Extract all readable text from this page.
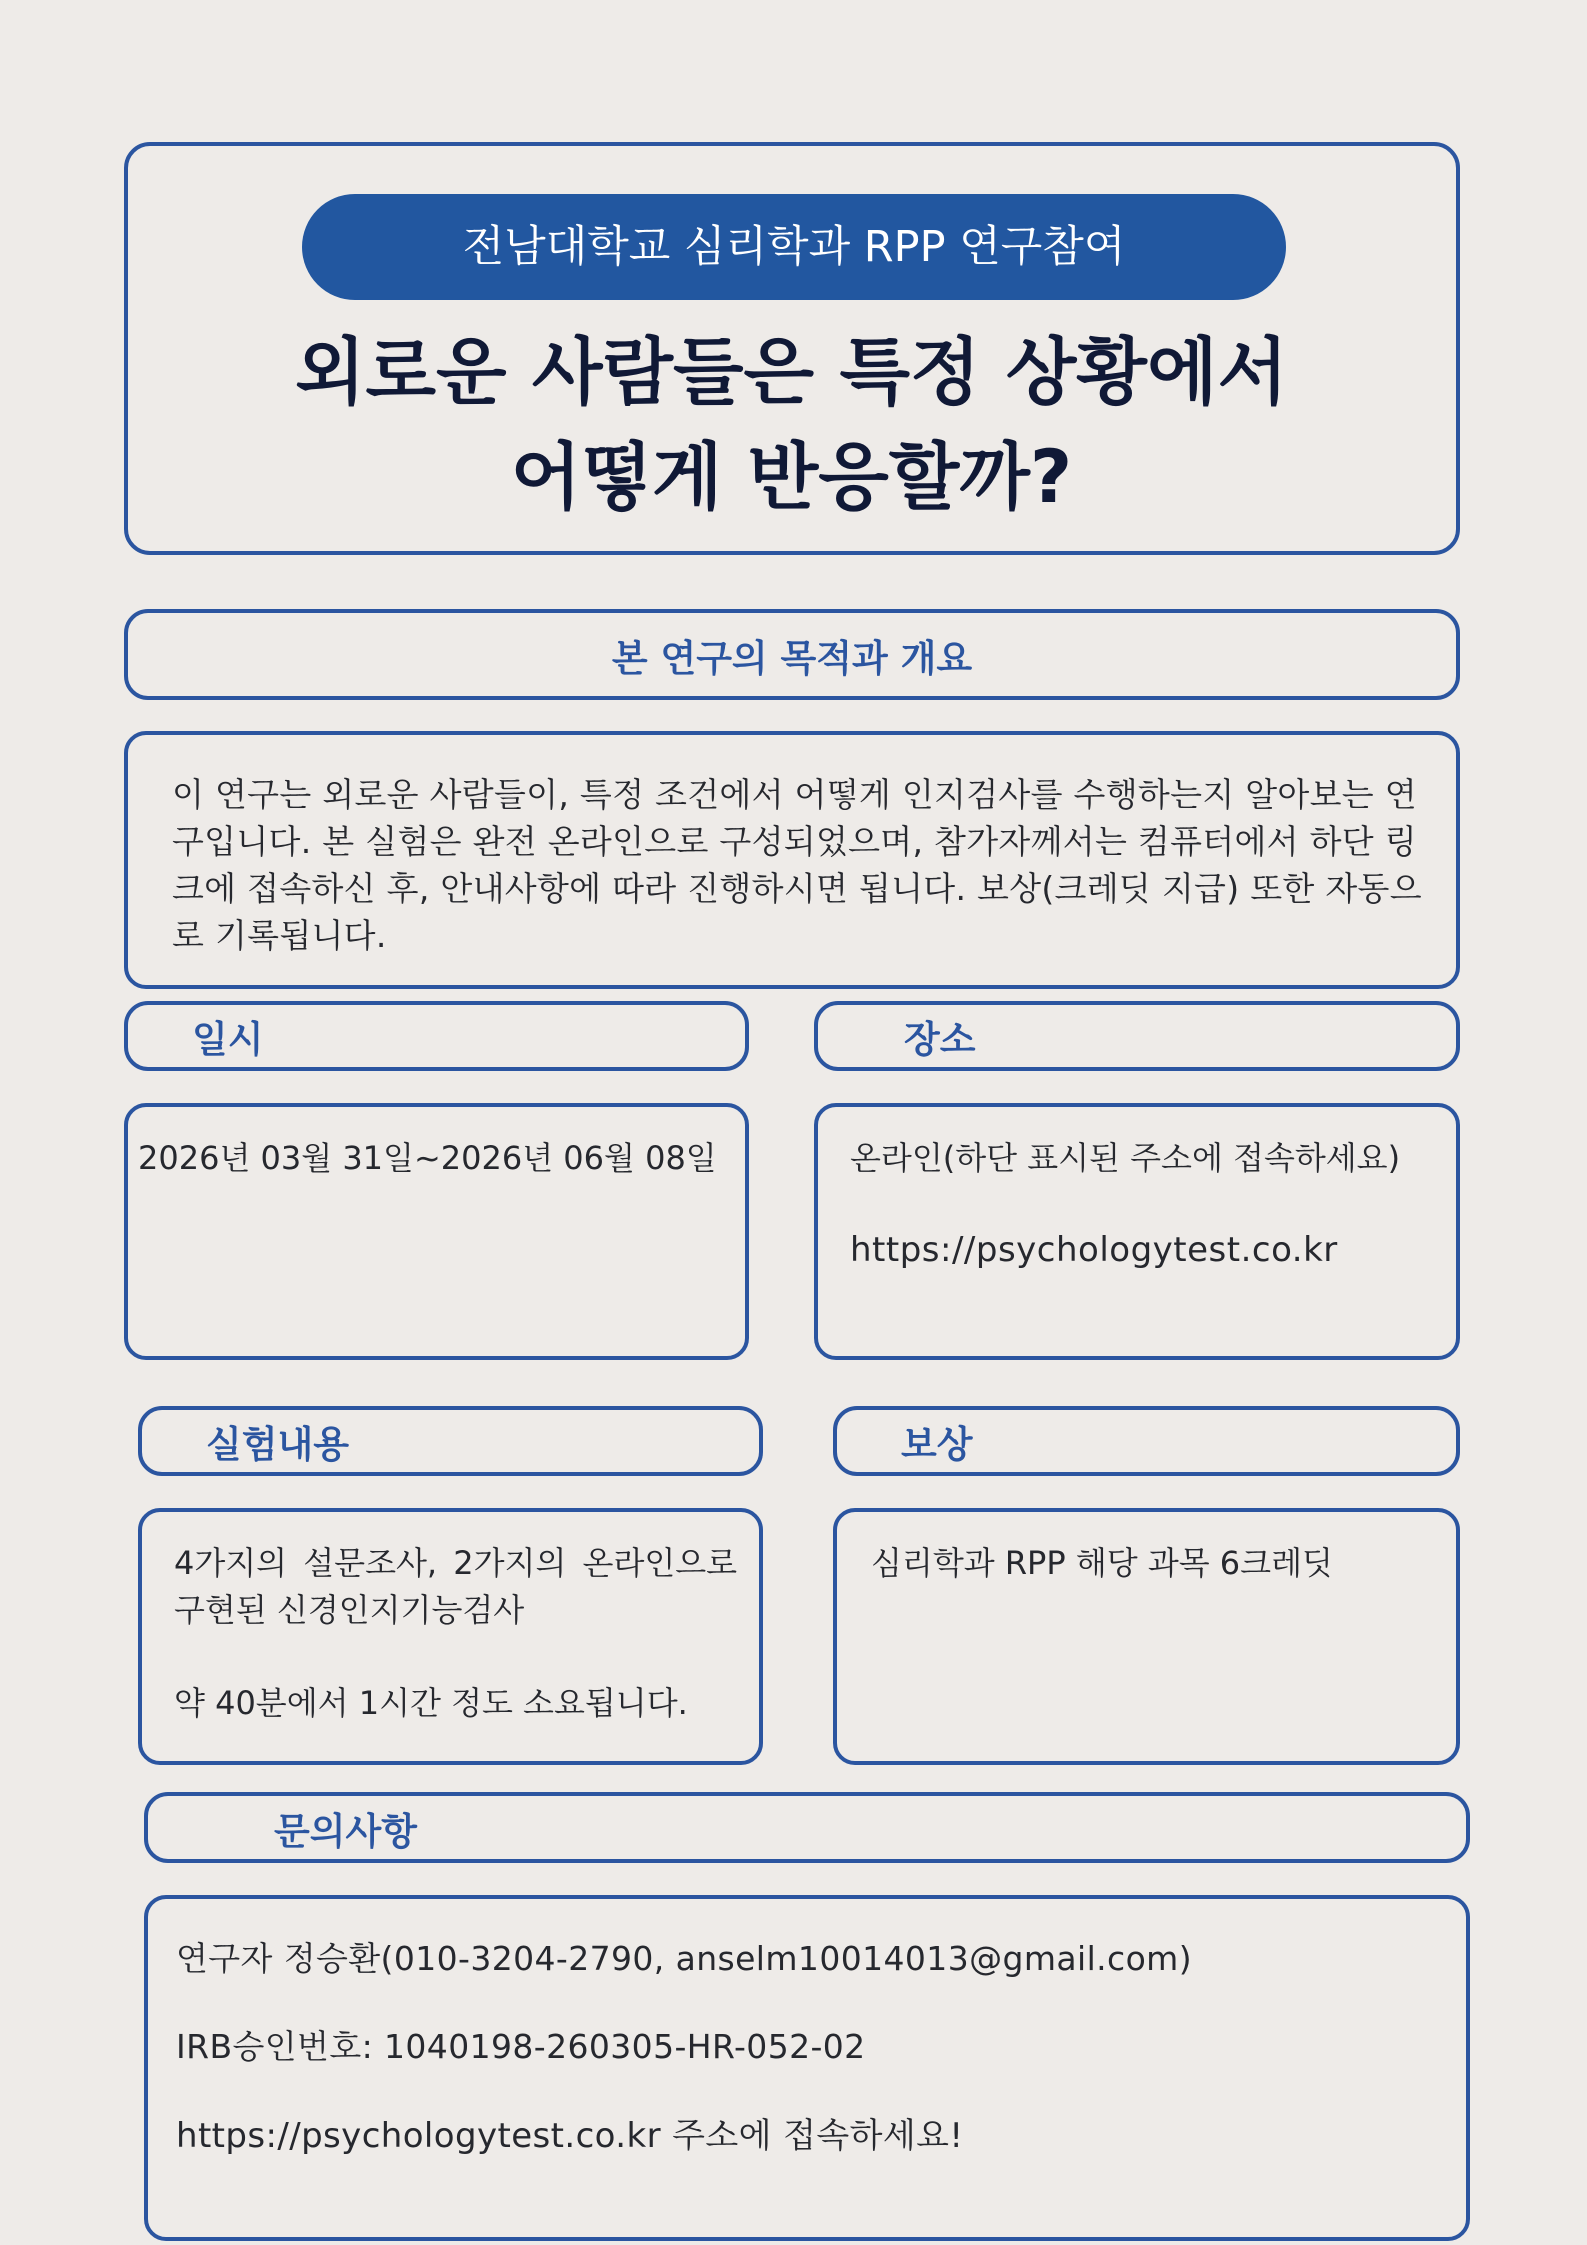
전남대학교 심리학과 RPP 연구참여
외로운 사람들은 특정 상황에서
어떻게 반응할까?
본 연구의 목적과 개요
이 연구는 외로운 사람들이, 특정 조건에서 어떻게 인지검사를 수행하는지 알아보는 연
구입니다. 본 실험은 완전 온라인으로 구성되었으며, 참가자께서는 컴퓨터에서 하단 링
크에 접속하신 후, 안내사항에 따라 진행하시면 됩니다. 보상(크레딧 지급) 또한 자동으
로 기록됩니다.
일시
2026년 03월 31일~2026년 06월 08일
장소
온라인(하단 표시된 주소에 접속하세요)
https://psychologytest.co.kr
실험내용
4가지의 설문조사, 2가지의 온라인으로
구현된 신경인지기능검사
약 40분에서 1시간 정도 소요됩니다.
보상
심리학과 RPP 해당 과목 6크레딧
문의사항
연구자 정승환(010-3204-2790, anselm10014013@gmail.com)
IRB승인번호: 1040198-260305-HR-052-02
https://psychologytest.co.kr 주소에 접속하세요!
